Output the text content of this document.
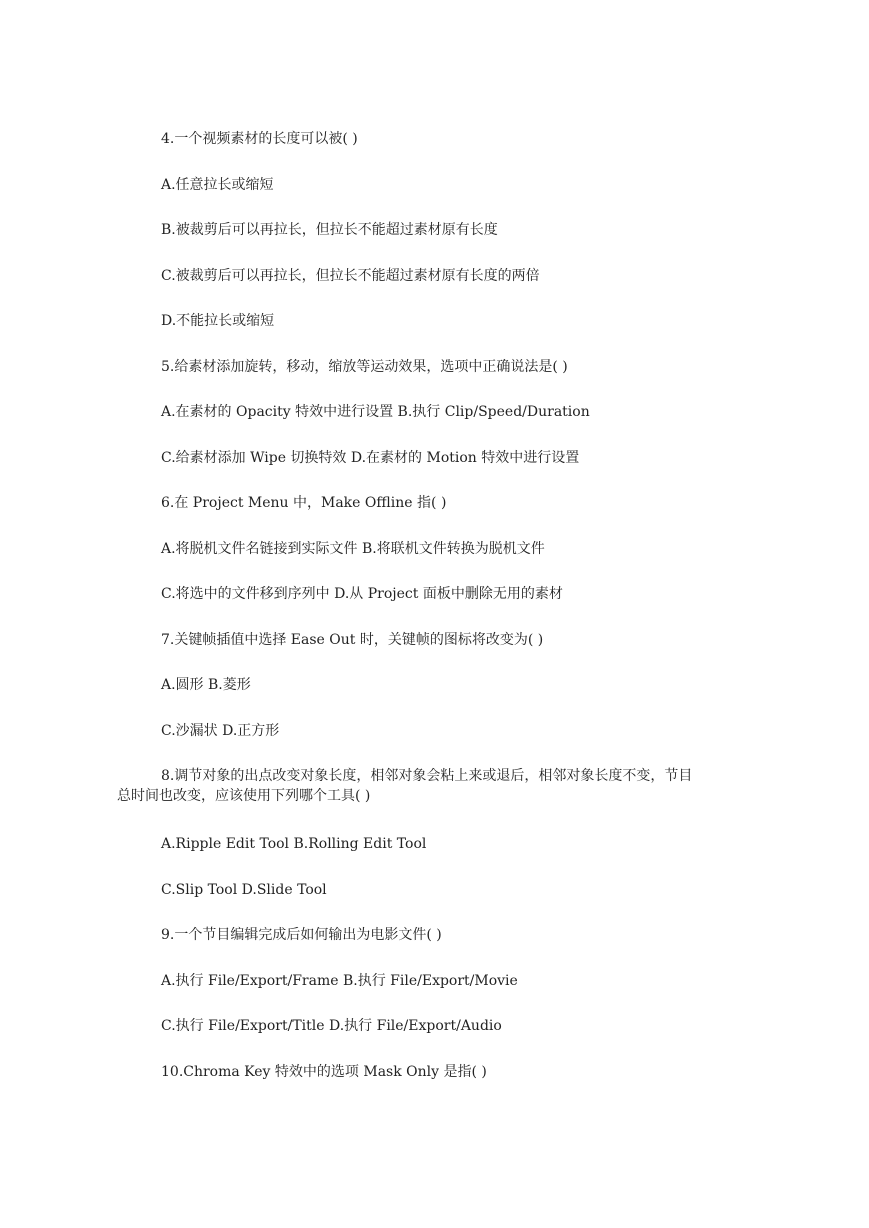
4.一个视频素材的长度可以被( )
A.任意拉长或缩短
B.被裁剪后可以再拉长，但拉长不能超过素材原有长度
C.被裁剪后可以再拉长，但拉长不能超过素材原有长度的两倍
D.不能拉长或缩短
5.给素材添加旋转，移动，缩放等运动效果，选项中正确说法是( )
A.在素材的 Opacity 特效中进行设置 B.执行 Clip/Speed/Duration
C.给素材添加 Wipe 切换特效 D.在素材的 Motion 特效中进行设置
6.在 Project Menu 中，Make Offline 指( )
A.将脱机文件名链接到实际文件 B.将联机文件转换为脱机文件
C.将选中的文件移到序列中 D.从 Project 面板中删除无用的素材
7.关键帧插值中选择 Ease Out 时，关键帧的图标将改变为( )
A.圆形 B.菱形
C.沙漏状 D.正方形
8.调节对象的出点改变对象长度，相邻对象会粘上来或退后，相邻对象长度不变，节目
总时间也改变，应该使用下列哪个工具( )
A.Ripple Edit Tool B.Rolling Edit Tool
C.Slip Tool D.Slide Tool
9.一个节目编辑完成后如何输出为电影文件( )
A.执行 File/Export/Frame B.执行 File/Export/Movie
C.执行 File/Export/Title D.执行 File/Export/Audio
10.Chroma Key 特效中的选项 Mask Only 是指( )
